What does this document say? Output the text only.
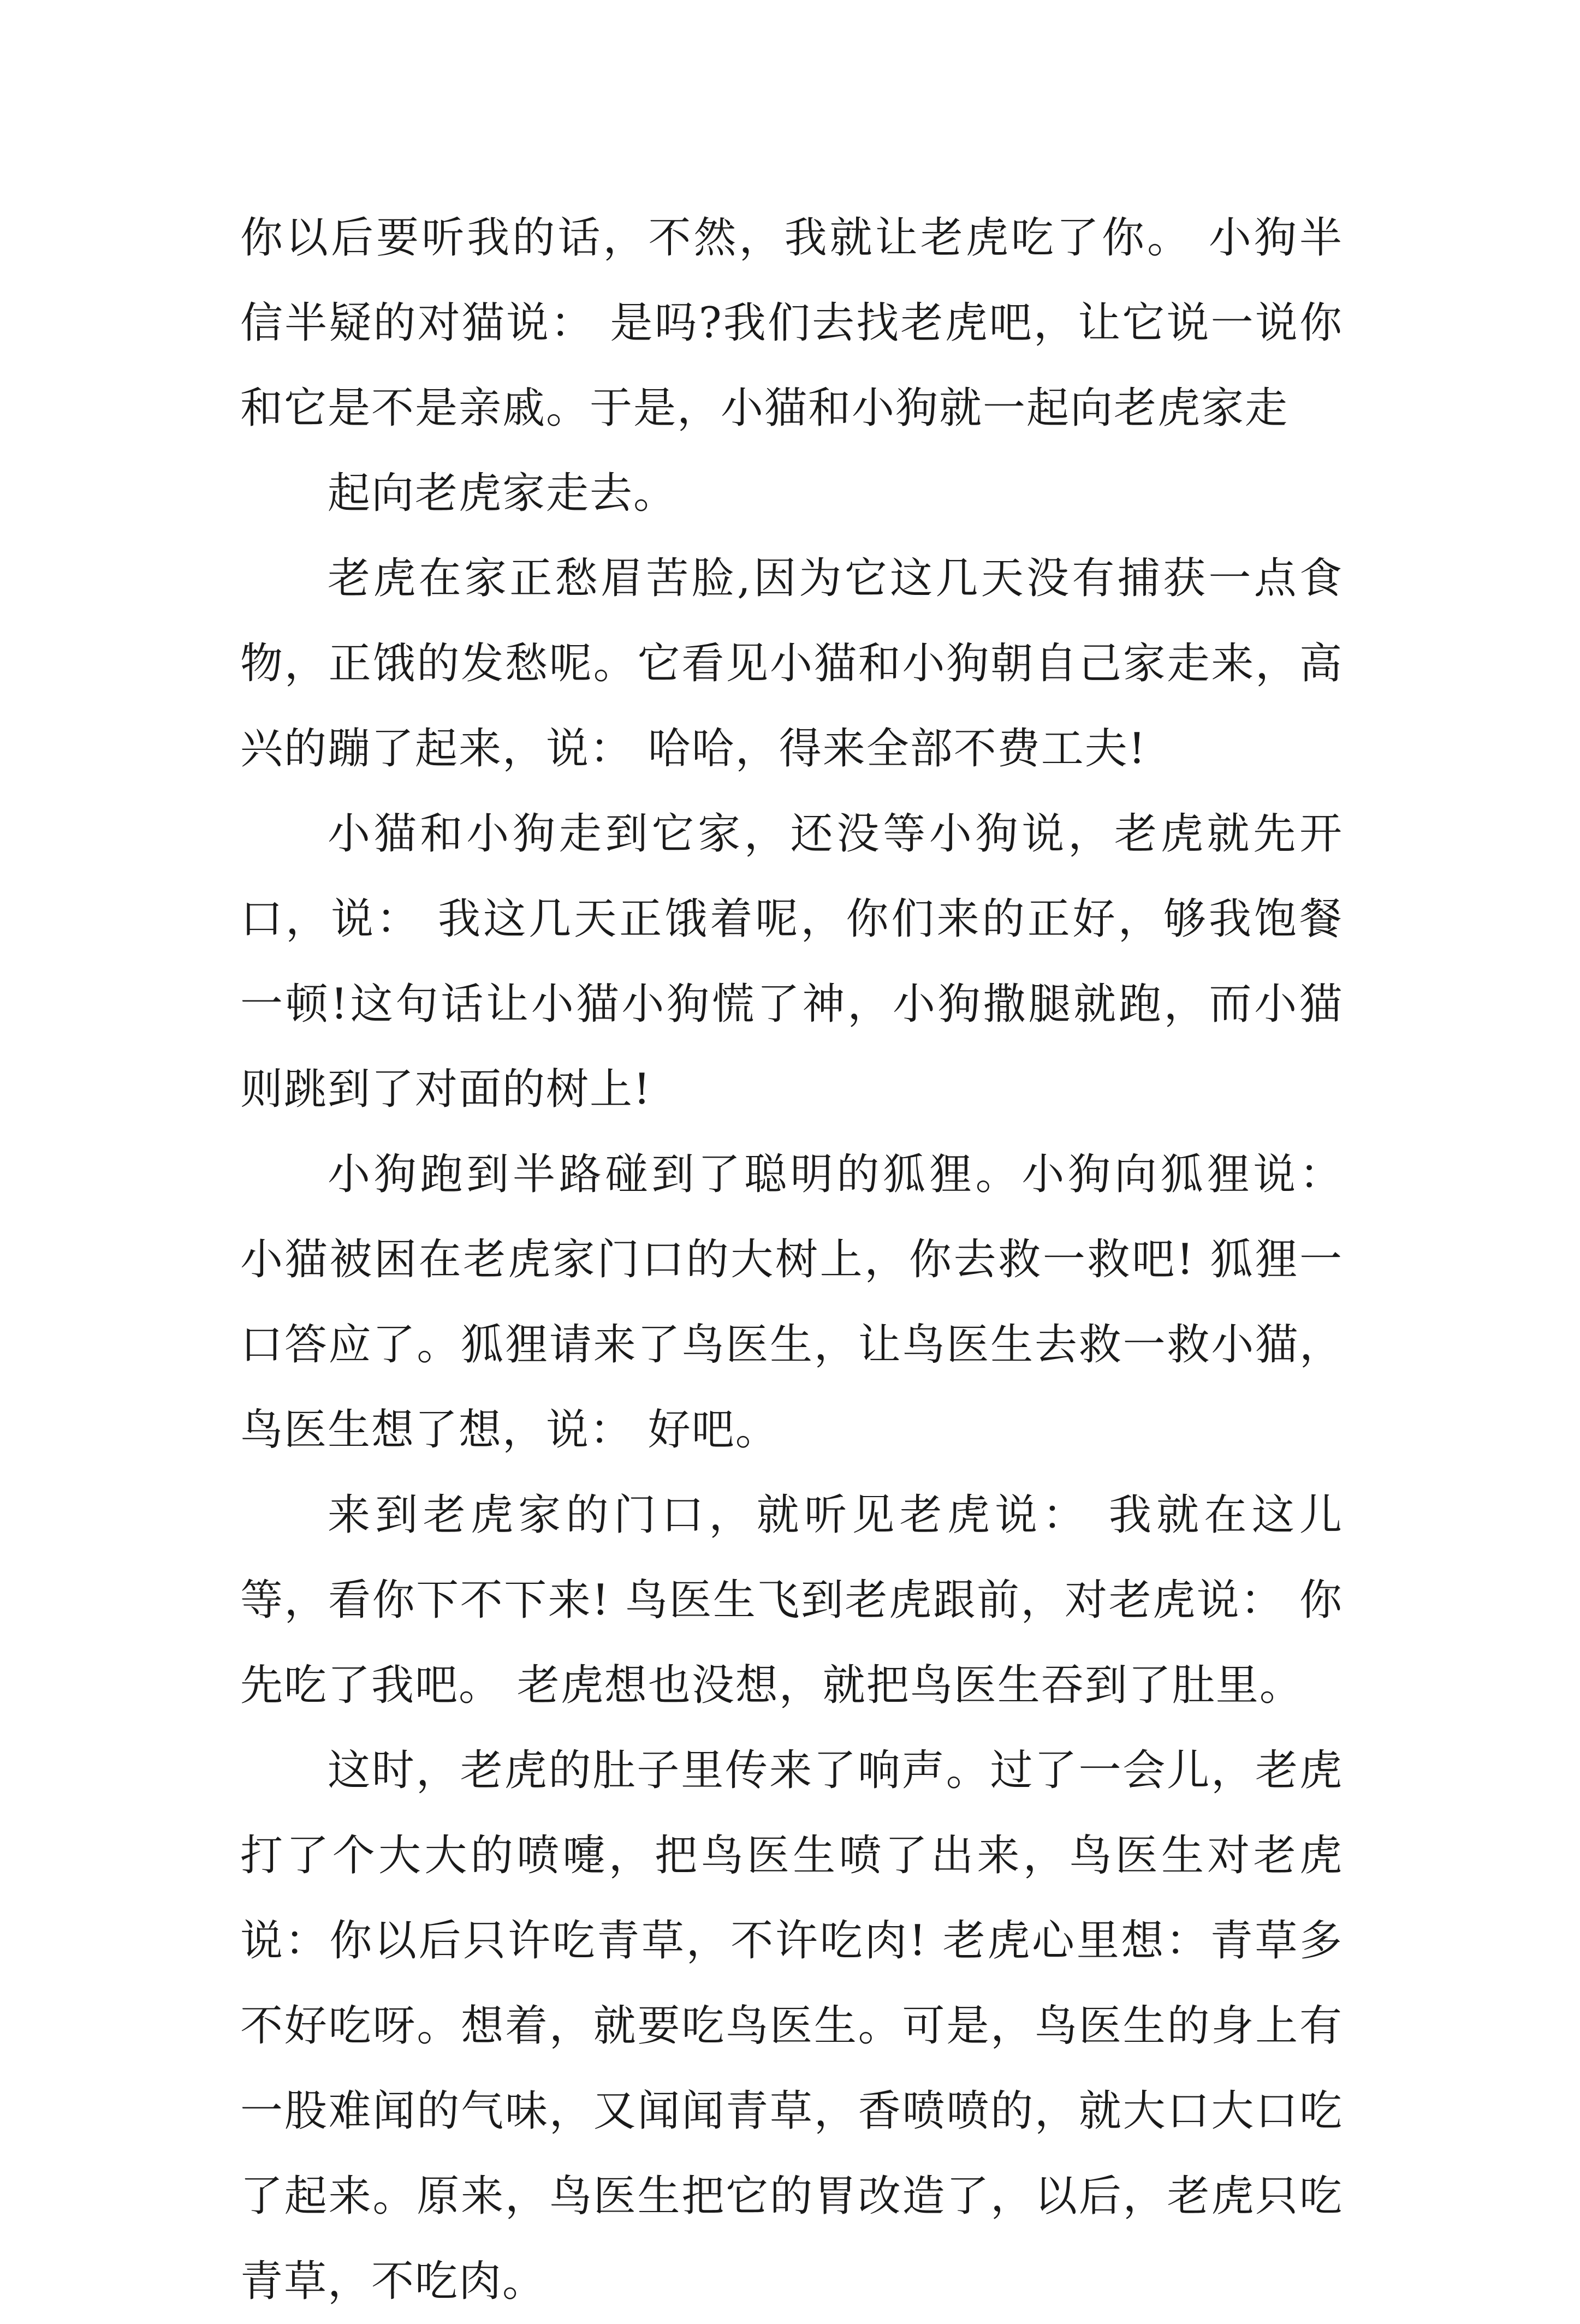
你以后要听我的话，不然，我就让老虎吃了你。 小狗半信半疑的对猫说： 是吗?我们去找老虎吧，让它说一说你和它是不是亲戚。于是，小猫和小狗就一起向老虎家走

起向老虎家走去。

老虎在家正愁眉苦脸,因为它这几天没有捕获一点食物，正饿的发愁呢。它看见小猫和小狗朝自己家走来，高兴的蹦了起来，说： 哈哈，得来全部不费工夫!

小猫和小狗走到它家，还没等小狗说，老虎就先开口，说： 我这几天正饿着呢，你们来的正好，够我饱餐一顿!这句话让小猫小狗慌了神，小狗撒腿就跑，而小猫则跳到了对面的树上!

小狗跑到半路碰到了聪明的狐狸。小狗向狐狸说： 小猫被困在老虎家门口的大树上，你去救一救吧! 狐狸一口答应了。狐狸请来了鸟医生，让鸟医生去救一救小猫，鸟医生想了想，说： 好吧。

来到老虎家的门口，就听见老虎说： 我就在这儿等，看你下不下来! 鸟医生飞到老虎跟前，对老虎说： 你先吃了我吧。 老虎想也没想，就把鸟医生吞到了肚里。

这时，老虎的肚子里传来了响声。过了一会儿，老虎打了个大大的喷嚏，把鸟医生喷了出来，鸟医生对老虎说：你以后只许吃青草，不许吃肉! 老虎心里想：青草多不好吃呀。想着，就要吃鸟医生。可是，鸟医生的身上有一股难闻的气味，又闻闻青草，香喷喷的，就大口大口吃了起来。原来，鸟医生把它的胃改造了，以后，老虎只吃青草，不吃肉。
